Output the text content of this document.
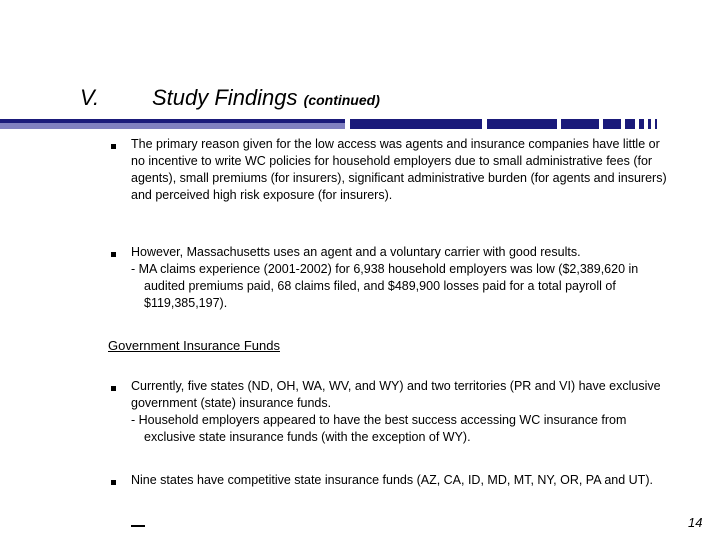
V. Study Findings (continued)
The primary reason given for the low access was agents and insurance companies have little or no incentive to write WC policies for household employers due to small administrative fees (for agents), small premiums (for insurers), significant administrative burden (for agents and insurers) and perceived high risk exposure (for insurers).
However, Massachusetts uses an agent and a voluntary carrier with good results.
- MA claims experience (2001-2002) for 6,938 household employers was low ($2,389,620 in audited premiums paid, 68 claims filed, and $489,900 losses paid for a total payroll of $119,385,197).
Government Insurance Funds
Currently, five states (ND, OH, WA, WV, and WY) and two territories (PR and VI) have exclusive government (state) insurance funds.
- Household employers appeared to have the best success accessing WC insurance from exclusive state insurance funds (with the exception of WY).
Nine states have competitive state insurance funds (AZ, CA, ID, MD, MT, NY, OR, PA and UT).
14
